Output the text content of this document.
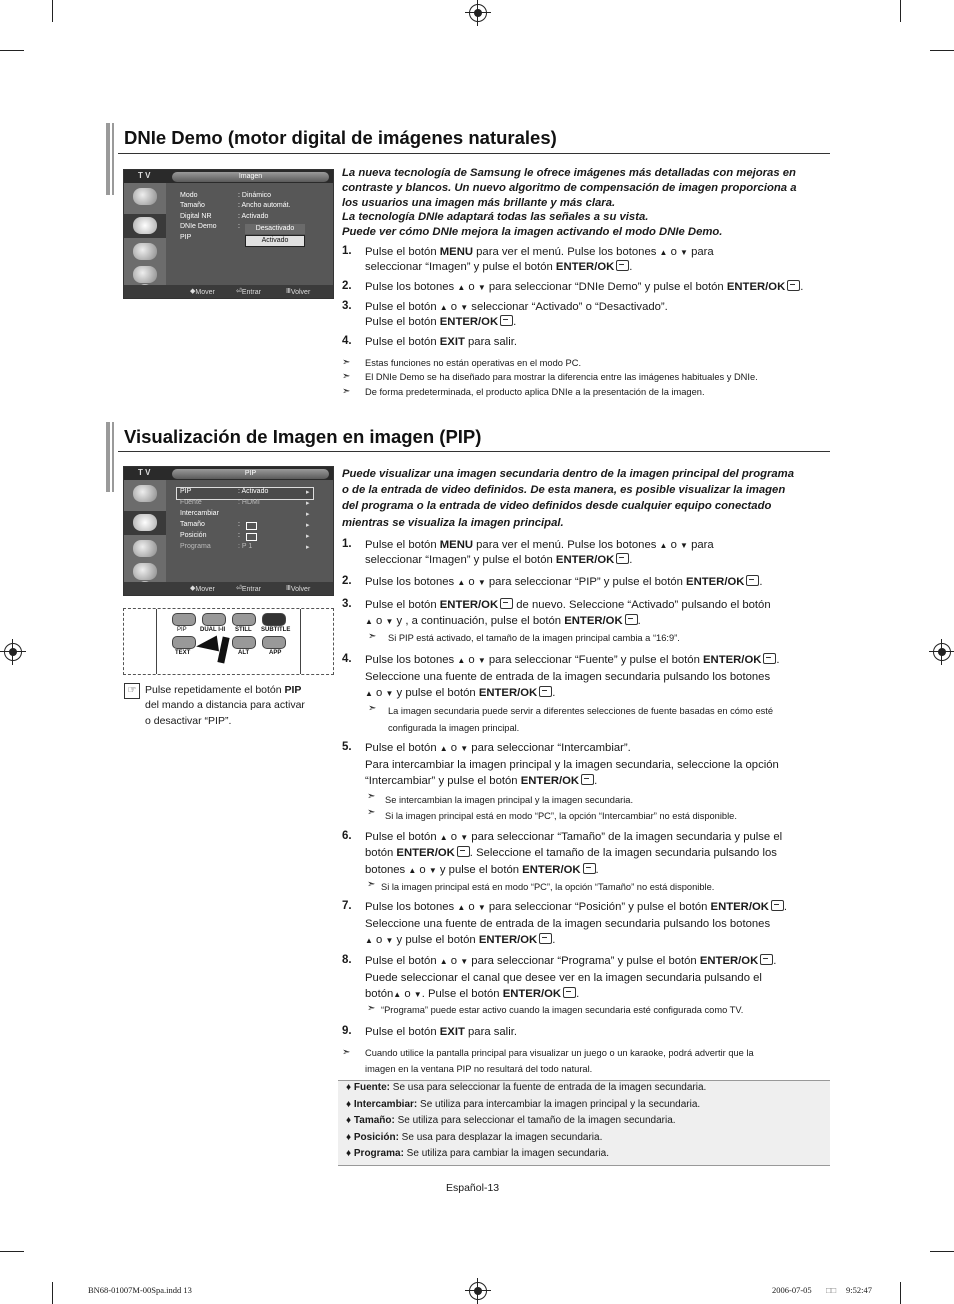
DNIe Demo (motor digital de imágenes naturales)
T V	Imagen
Modo	: Dinámico
Tamaño	: Ancho automát.
Digital NR	: Activado
DNIe Demo	:
PIP
Desactivado
Activado
◆ Mover	⏎ Entrar	Ⅲ Volver
La nueva tecnología de Samsung le ofrece imágenes más detalladas con mejoras en
contraste y blancos. Un nuevo algoritmo de compensación de imagen proporciona a
los usuarios una imagen más brillante y más clara.
La tecnología DNIe adaptará todas las señales a su vista.
Puede ver cómo DNIe mejora la imagen activando el modo DNIe Demo.
1. Pulse el botón MENU para ver el menú. Pulse los botones ▲ o ▼ para
seleccionar “Imagen” y pulse el botón ENTER/OK .
2. Pulse los botones ▲ o ▼ para seleccionar “DNIe Demo” y pulse el botón ENTER/OK .
3. Pulse el botón ▲ o ▼ seleccionar “Activado” o “Desactivado”.
Pulse el botón ENTER/OK .
4. Pulse el botón EXIT para salir.
➣ Estas funciones no están operativas en el modo PC.
➣ El DNIe Demo se ha diseñado para mostrar la diferencia entre las imágenes habituales y DNIe.
➣ De forma predeterminada, el producto aplica DNIe a la presentación de la imagen.
Visualización de Imagen en imagen (PIP)
T V	PIP
PIP	: Activado	▸
Fuente	: HDMI	▸
Intercambiar	▸
Tamaño	:	▸
Posición	:	▸
Programa	: P 1	▸
◆ Mover	⏎ Entrar	Ⅲ Volver
PIP DUAL I-II STILL SUBTITLE
TEXT	ALT	APP
☞ Pulse repetidamente el botón PIP
del mando a distancia para activar
o desactivar “PIP”.
Puede visualizar una imagen secundaria dentro de la imagen principal del programa
o de la entrada de video definidos. De esta manera, es posible visualizar la imagen
del programa o la entrada de video definidos desde cualquier equipo conectado
mientras se visualiza la imagen principal.
1. Pulse el botón MENU para ver el menú. Pulse los botones ▲ o ▼ para
seleccionar “Imagen” y pulse el botón ENTER/OK .
2. Pulse los botones ▲ o ▼ para seleccionar “PIP” y pulse el botón ENTER/OK .
3. Pulse el botón ENTER/OK de nuevo. Seleccione “Activado” pulsando el botón
▲ o ▼ y , a continuación, pulse el botón ENTER/OK .
➣ Si PIP está activado, el tamaño de la imagen principal cambia a “16:9”.
4. Pulse los botones ▲ o ▼ para seleccionar “Fuente” y pulse el botón ENTER/OK .
Seleccione una fuente de entrada de la imagen secundaria pulsando los botones
▲ o ▼ y pulse el botón ENTER/OK .
➣ La imagen secundaria puede servir a diferentes selecciones de fuente basadas en cómo esté
configurada la imagen principal.
5. Pulse el botón ▲ o ▼ para seleccionar “Intercambiar”.
Para intercambiar la imagen principal y la imagen secundaria, seleccione la opción
“Intercambiar” y pulse el botón ENTER/OK .
➣ Se intercambian la imagen principal y la imagen secundaria.
➣ Si la imagen principal está en modo “PC”, la opción “Intercambiar” no está disponible.
6. Pulse el botón ▲ o ▼ para seleccionar “Tamaño” de la imagen secundaria y pulse el
botón ENTER/OK . Seleccione el tamaño de la imagen secundaria pulsando los
botones ▲ o ▼ y pulse el botón ENTER/OK .
➣ Si la imagen principal está en modo “PC”, la opción “Tamaño” no está disponible.
7. Pulse los botones ▲ o ▼ para seleccionar “Posición” y pulse el botón ENTER/OK .
Seleccione una fuente de entrada de la imagen secundaria pulsando los botones
▲ o ▼ y pulse el botón ENTER/OK .
8. Pulse el botón ▲ o ▼ para seleccionar “Programa” y pulse el botón ENTER/OK .
Puede seleccionar el canal que desee ver en la imagen secundaria pulsando el
botón▲ o ▼. Pulse el botón ENTER/OK .
➣ “Programa” puede estar activo cuando la imagen secundaria esté configurada como TV.
9. Pulse el botón EXIT para salir.
➣ Cuando utilice la pantalla principal para visualizar un juego o un karaoke, podrá advertir que la
imagen en la ventana PIP no resultará del todo natural.
♦ Fuente: Se usa para seleccionar la fuente de entrada de la imagen secundaria.
♦ Intercambiar: Se utiliza para intercambiar la imagen principal y la secundaria.
♦ Tamaño: Se utiliza para seleccionar el tamaño de la imagen secundaria.
♦ Posición: Se usa para desplazar la imagen secundaria.
♦ Programa: Se utiliza para cambiar la imagen secundaria.
Español-13
BN68-01007M-00Spa.indd 13	2006-07-05 □□ 9:52:47
